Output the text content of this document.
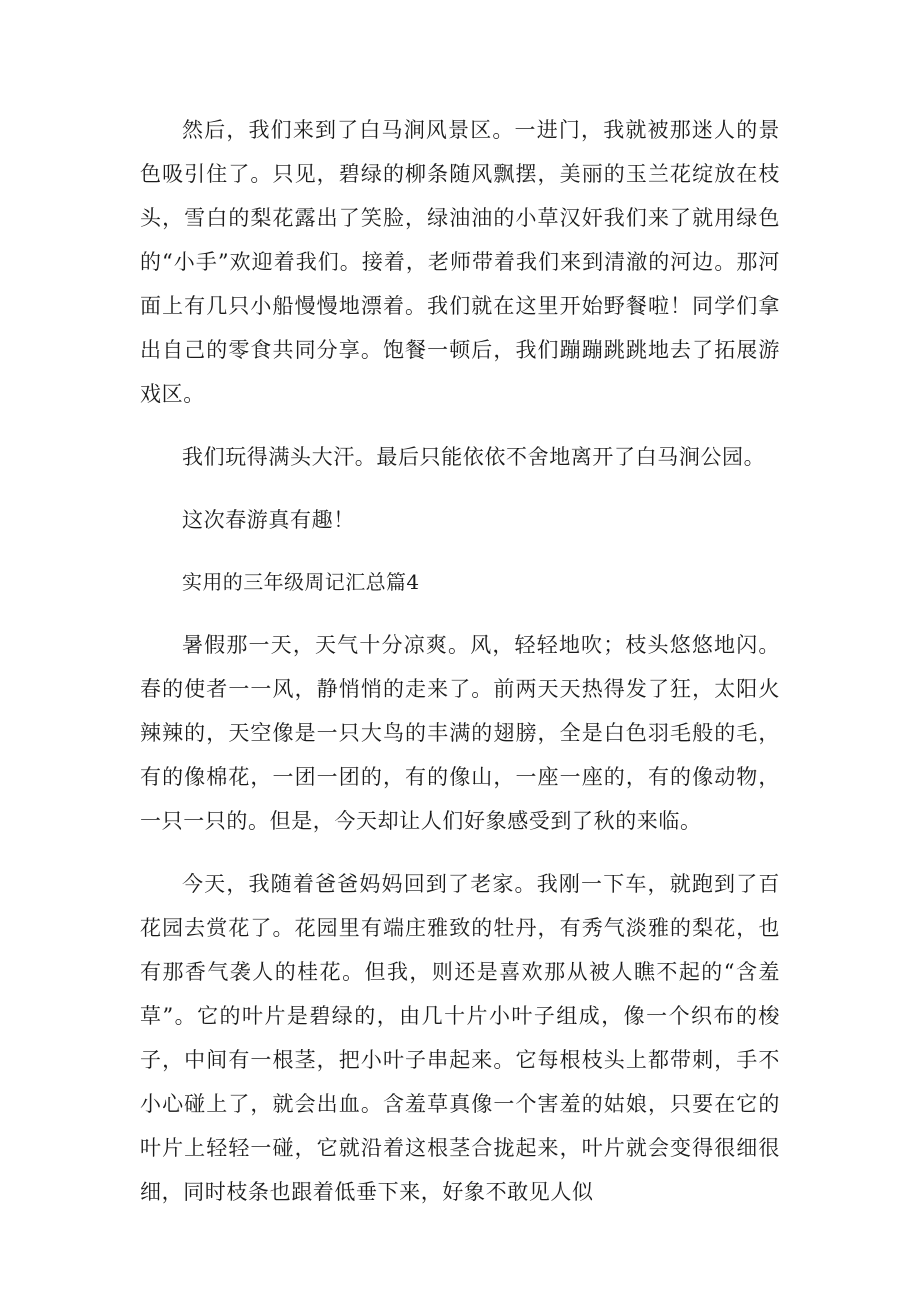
然后，我们来到了白马涧风景区。一进门，我就被那迷人的景色吸引住了。只见，碧绿的柳条随风飘摆，美丽的玉兰花绽放在枝头，雪白的梨花露出了笑脸，绿油油的小草汉奸我们来了就用绿色的“小手”欢迎着我们。接着，老师带着我们来到清澈的河边。那河面上有几只小船慢慢地漂着。我们就在这里开始野餐啦！同学们拿出自己的零食共同分享。饱餐一顿后，我们蹦蹦跳跳地去了拓展游戏区。

我们玩得满头大汗。最后只能依依不舍地离开了白马涧公园。

这次春游真有趣！

实用的三年级周记汇总篇4

暑假那一天，天气十分凉爽。风，轻轻地吹；枝头悠悠地闪。春的使者一一风，静悄悄的走来了。前两天天热得发了狂，太阳火辣辣的，天空像是一只大鸟的丰满的翅膀，全是白色羽毛般的毛，有的像棉花，一团一团的，有的像山，一座一座的，有的像动物，一只一只的。但是，今天却让人们好象感受到了秋的来临。

今天，我随着爸爸妈妈回到了老家。我刚一下车，就跑到了百花园去赏花了。花园里有端庄雅致的牡丹，有秀气淡雅的梨花，也有那香气袭人的桂花。但我，则还是喜欢那从被人瞧不起的“含羞草”。它的叶片是碧绿的，由几十片小叶子组成，像一个织布的梭子，中间有一根茎，把小叶子串起来。它每根枝头上都带刺，手不小心碰上了，就会出血。含羞草真像一个害羞的姑娘，只要在它的叶片上轻轻一碰，它就沿着这根茎合拢起来，叶片就会变得很细很细，同时枝条也跟着低垂下来，好象不敢见人似
